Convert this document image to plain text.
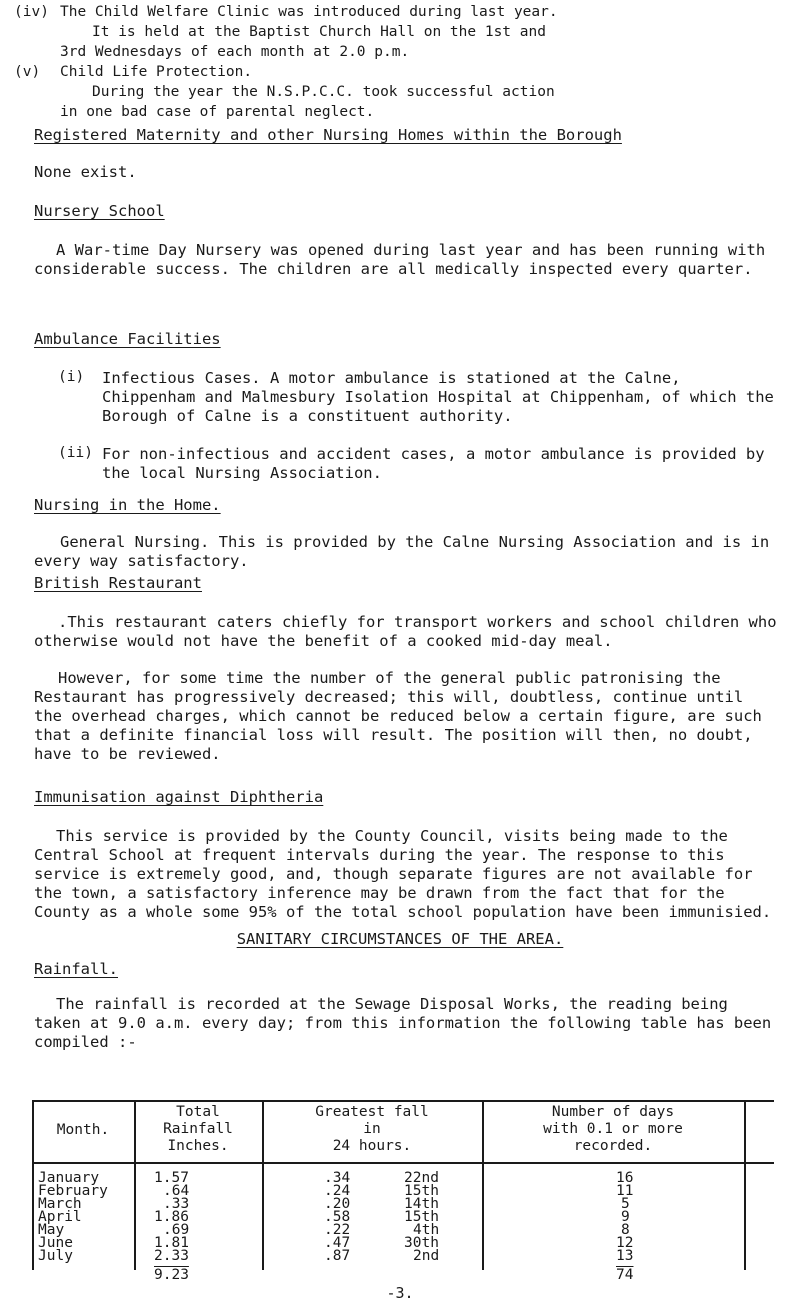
(iv) The Child Welfare Clinic was introduced during last year.
It is held at the Baptist Church Hall on the 1st and
3rd Wednesdays of each month at 2.0 p.m.
(v) Child Life Protection.
During the year the N.S.P.C.C. took successful action
in one bad case of parental neglect.

Registered Maternity and other Nursing Homes within the Borough

None exist.

Nursery School

A War-time Day Nursery was opened during last year and has been running with considerable success. The children are all medically inspected every quarter.

Ambulance Facilities

(i) Infectious Cases. A motor ambulance is stationed at the Calne, Chippenham and Malmesbury Isolation Hospital at Chippenham, of which the Borough of Calne is a constituent authority.

(ii) For non-infectious and accident cases, a motor ambulance is provided by the local Nursing Association.

Nursing in the Home.

General Nursing. This is provided by the Calne Nursing Association and is in every way satisfactory.

British Restaurant

.This restaurant caters chiefly for transport workers and school children who otherwise would not have the benefit of a cooked mid-day meal.

However, for some time the number of the general public patronising the Restaurant has progressively decreased; this will, doubtless, continue until the overhead charges, which cannot be reduced below a certain figure, are such that a definite financial loss will result. The position will then, no doubt, have to be reviewed.

Immunisation against Diphtheria

This service is provided by the County Council, visits being made to the Central School at frequent intervals during the year. The response to this service is extremely good, and, though separate figures are not available for the town, a satisfactory inference may be drawn from the fact that for the County as a whole some 95% of the total school population have been immunisied.

SANITARY CIRCUMSTANCES OF THE AREA.

Rainfall.

The rainfall is recorded at the Sewage Disposal Works, the reading being taken at 9.0 a.m. every day; from this information the following table has been compiled :-

Month.
Total
Rainfall
Inches.
Greatest fall
in
24 hours.
Number of days
with 0.1 or more
recorded.
January
February
March
April
May
June
July
1.57
.64
.33
1.86
.69
1.81
2.33
.34
.24
.20
.58
.22
.47
.87
22nd
15th
14th
15th
4th
30th
2nd
16
11
5
9
8
12
13
9.23	74
-3.
